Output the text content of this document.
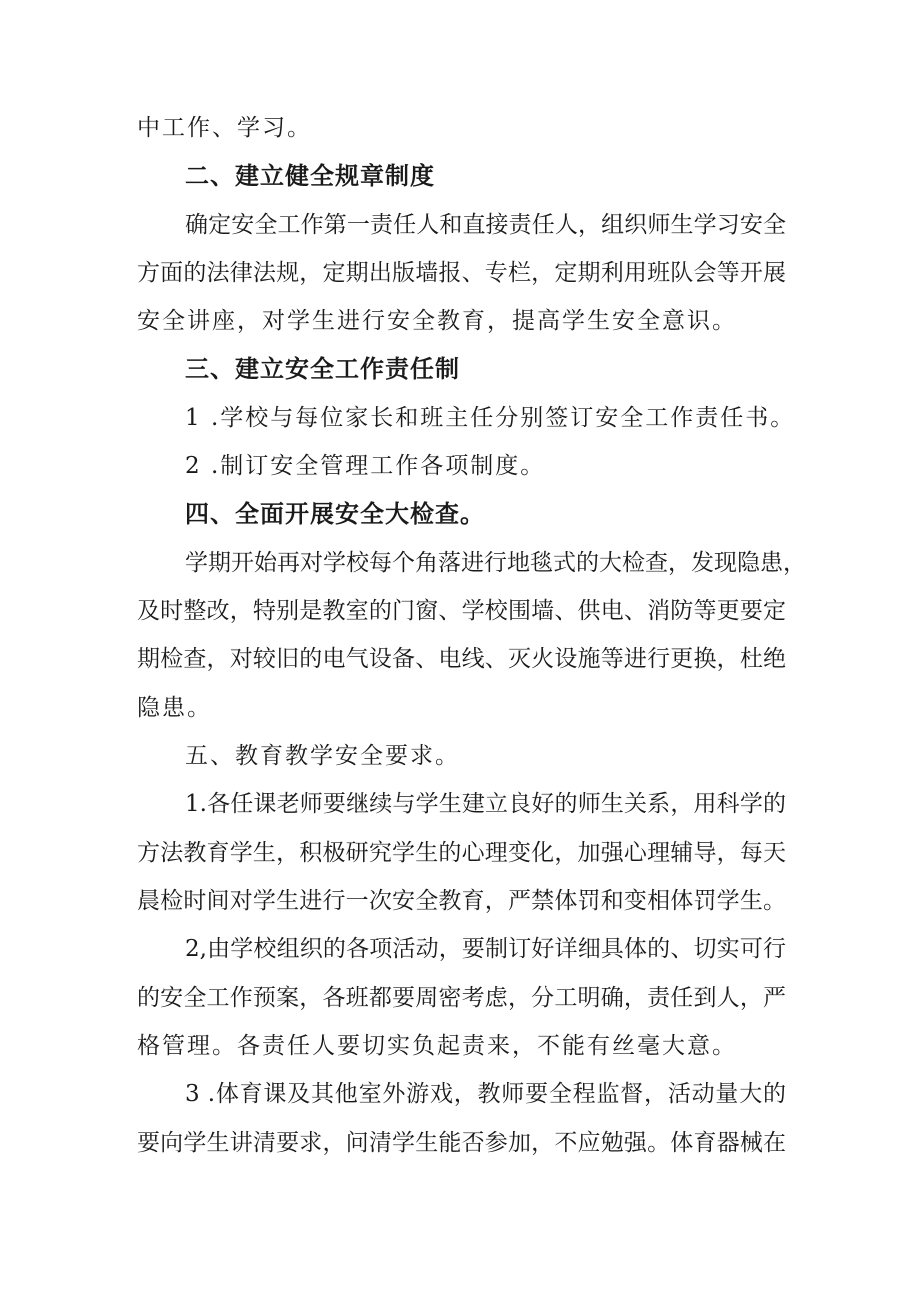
中工作、学习。
二、建立健全规章制度
确定安全工作第一责任人和直接责任人，组织师生学习安全
方面的法律法规，定期出版墙报、专栏，定期利用班队会等开展
安全讲座，对学生进行安全教育，提高学生安全意识。
三、建立安全工作责任制
1 .学校与每位家长和班主任分别签订安全工作责任书。
2 .制订安全管理工作各项制度。
四、全面开展安全大检查。
学期开始再对学校每个角落进行地毯式的大检查，发现隐患，
及时整改，特别是教室的门窗、学校围墙、供电、消防等更要定
期检查，对较旧的电气设备、电线、灭火设施等进行更换，杜绝
隐患。
五、教育教学安全要求。
1.各任课老师要继续与学生建立良好的师生关系，用科学的
方法教育学生，积极研究学生的心理变化，加强心理辅导，每天
晨检时间对学生进行一次安全教育，严禁体罚和变相体罚学生。
2,由学校组织的各项活动，要制订好详细具体的、切实可行
的安全工作预案，各班都要周密考虑，分工明确，责任到人，严
格管理。各责任人要切实负起责来，不能有丝毫大意。
3 .体育课及其他室外游戏，教师要全程监督，活动量大的
要向学生讲清要求，问清学生能否参加，不应勉强。体育器械在
